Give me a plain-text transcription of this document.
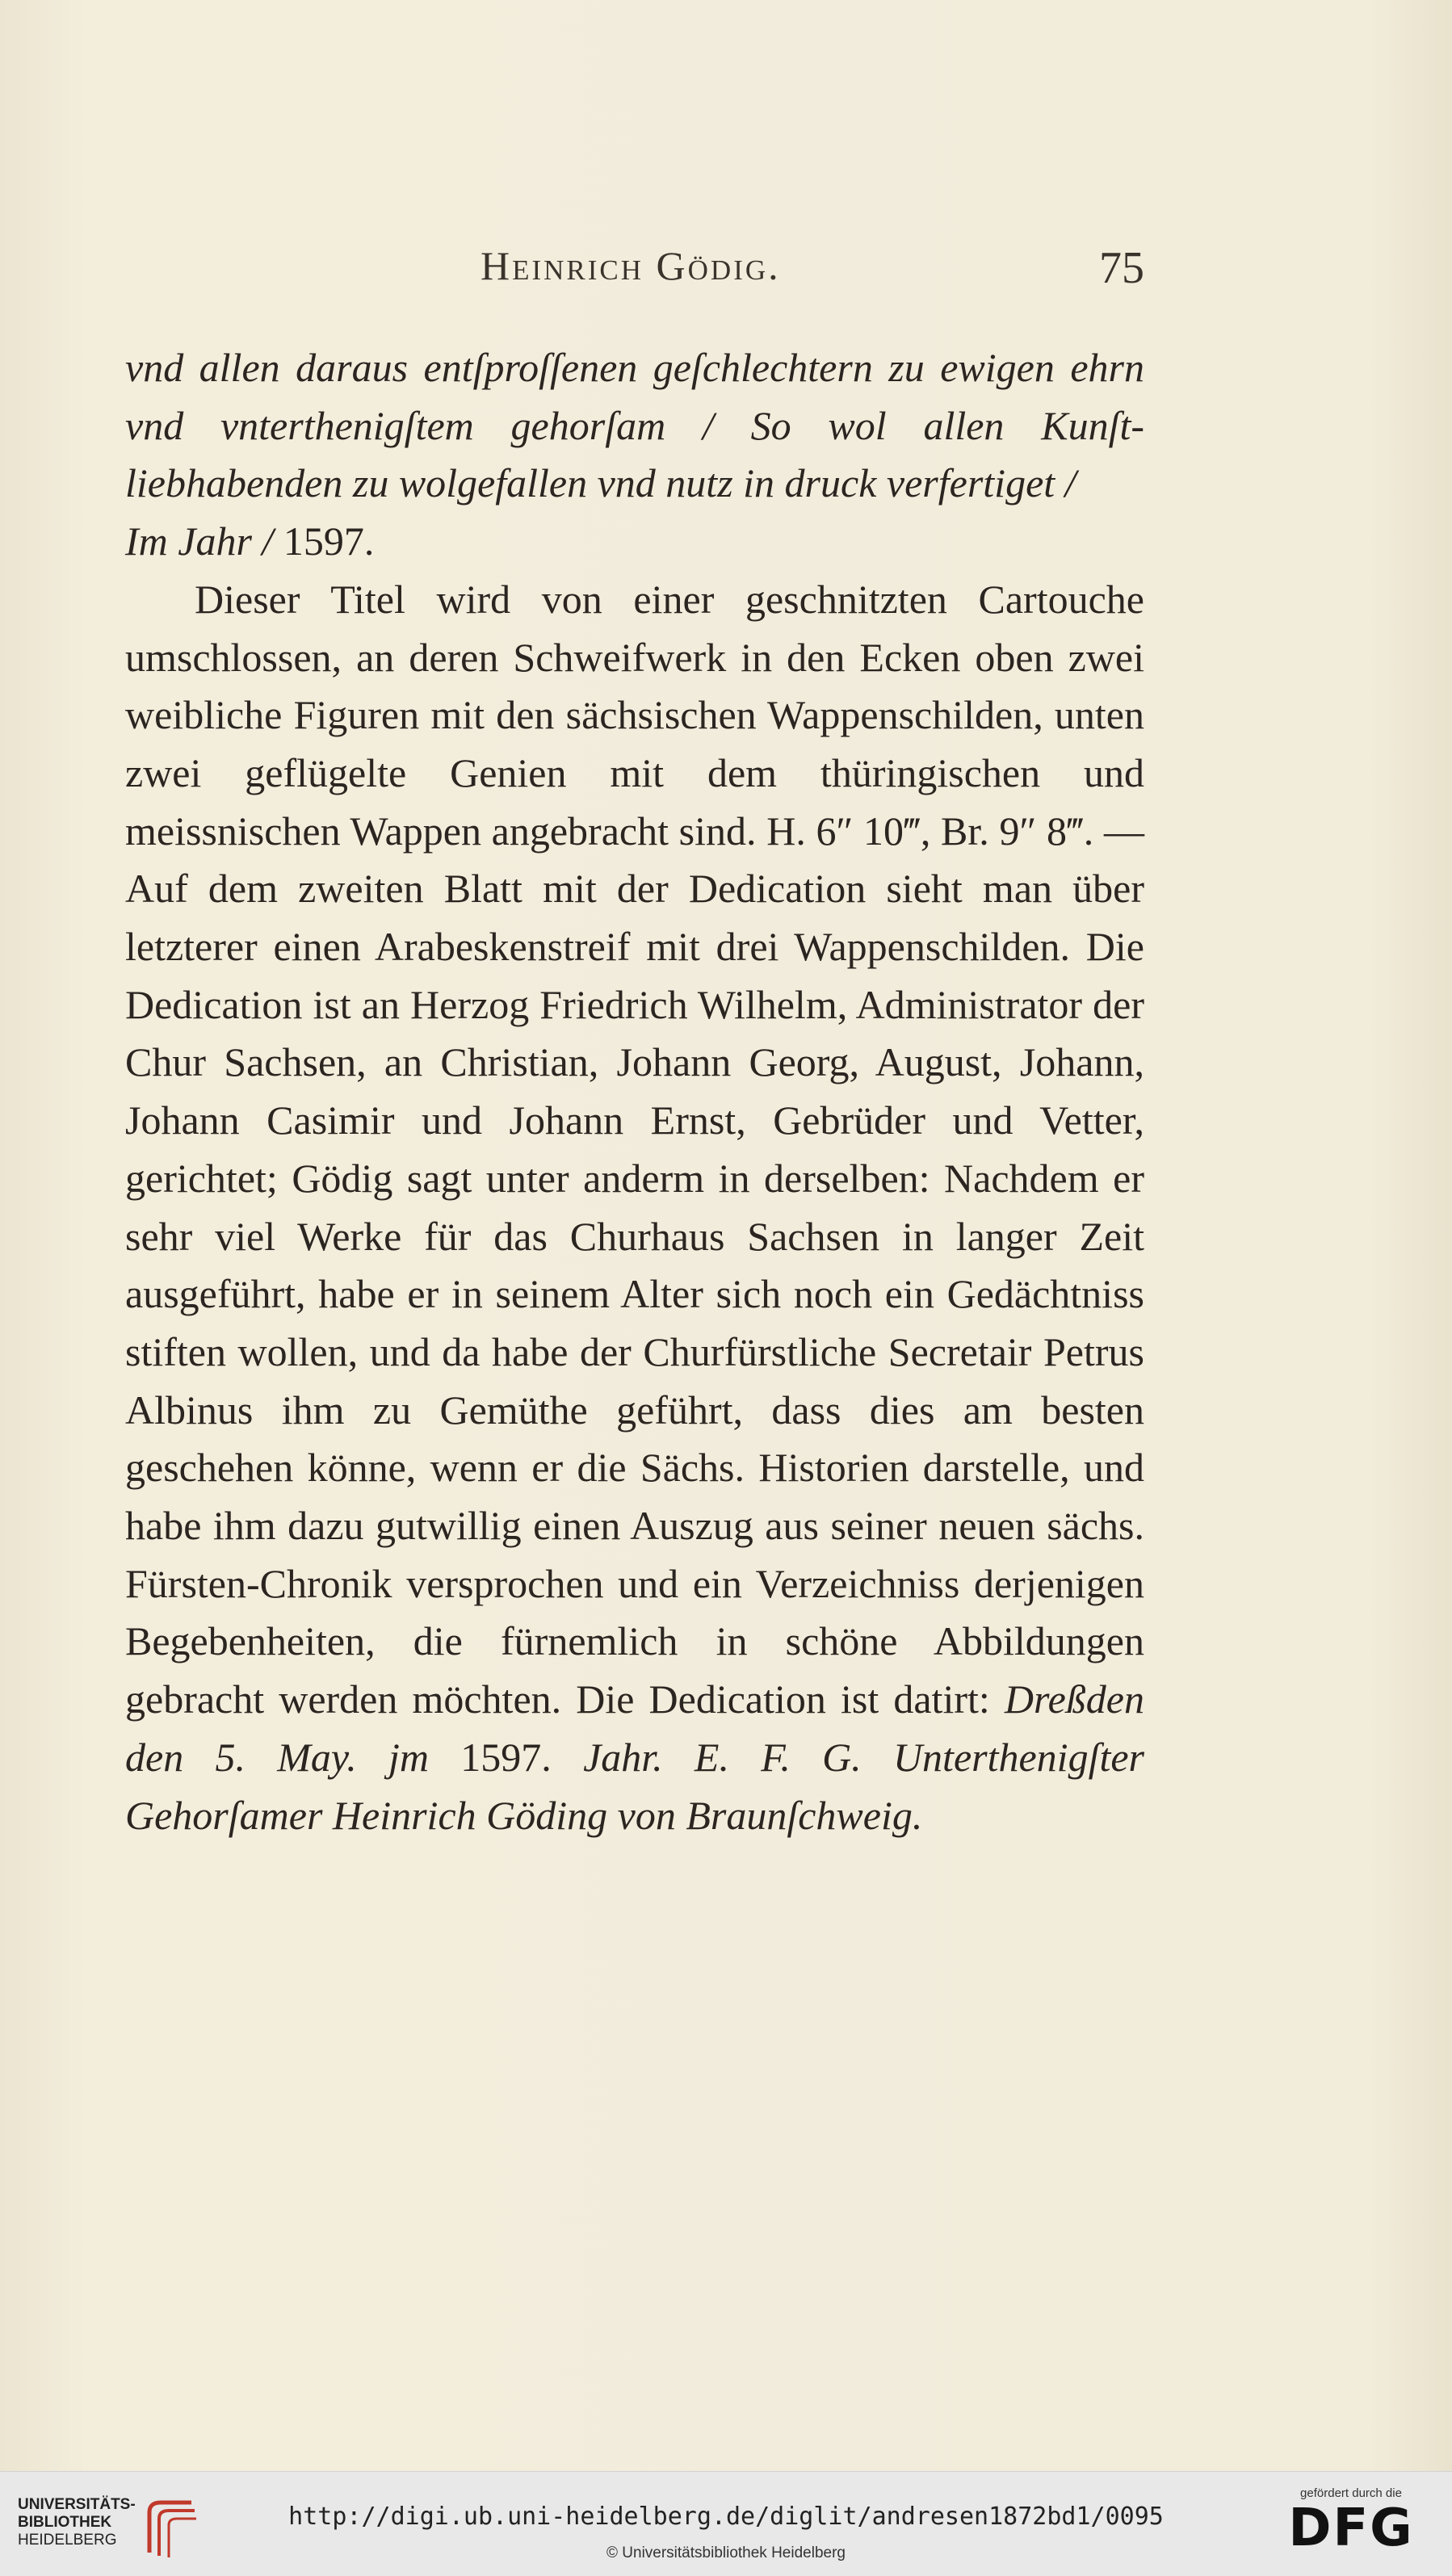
Heinrich Gödig.	75

vnd allen daraus entſproſſenen geſchlechtern zu ewigen ehrn vnd vnterthenigſtem gehorſam / So wol allen Kunſt- liebhabenden zu wolgefallen vnd nutz in druck verfertiget /

Im Jahr / 1597.

Dieser Titel wird von einer geschnitzten Cartouche umschlossen, an deren Schweifwerk in den Ecken oben zwei weibliche Figuren mit den sächsischen Wappenschilden, unten zwei geflügelte Genien mit dem thüringischen und meissnischen Wappen angebracht sind. H. 6″ 10‴, Br. 9″ 8‴. — Auf dem zweiten Blatt mit der Dedication sieht man über letzterer einen Arabeskenstreif mit drei Wappenschilden. Die Dedication ist an Herzog Friedrich Wilhelm, Administrator der Chur Sachsen, an Christian, Johann Georg, August, Johann, Johann Casimir und Johann Ernst, Gebrüder und Vetter, gerichtet; Gödig sagt unter anderm in derselben: Nachdem er sehr viel Werke für das Churhaus Sachsen in langer Zeit ausgeführt, habe er in seinem Alter sich noch ein Gedächtniss stiften wollen, und da habe der Churfürstliche Secretair Petrus Albinus ihm zu Gemüthe geführt, dass dies am besten geschehen könne, wenn er die Sächs. Historien darstelle, und habe ihm dazu gutwillig einen Auszug aus seiner neuen sächs. Fürsten-Chronik versprochen und ein Verzeichniss derjenigen Begebenheiten, die fürnemlich in schöne Abbildungen gebracht werden möchten. Die Dedication ist datirt: Dreßden den 5. May. jm 1597. Jahr. E. F. G. Unterthenigſter Gehorſamer Heinrich Göding von Braunſchweig.

UNIVERSITÄTS-
BIBLIOTHEK
HEIDELBERG
http://digi.ub.uni-heidelberg.de/diglit/andresen1872bd1/0095
© Universitätsbibliothek Heidelberg
gefördert durch die
DFG
